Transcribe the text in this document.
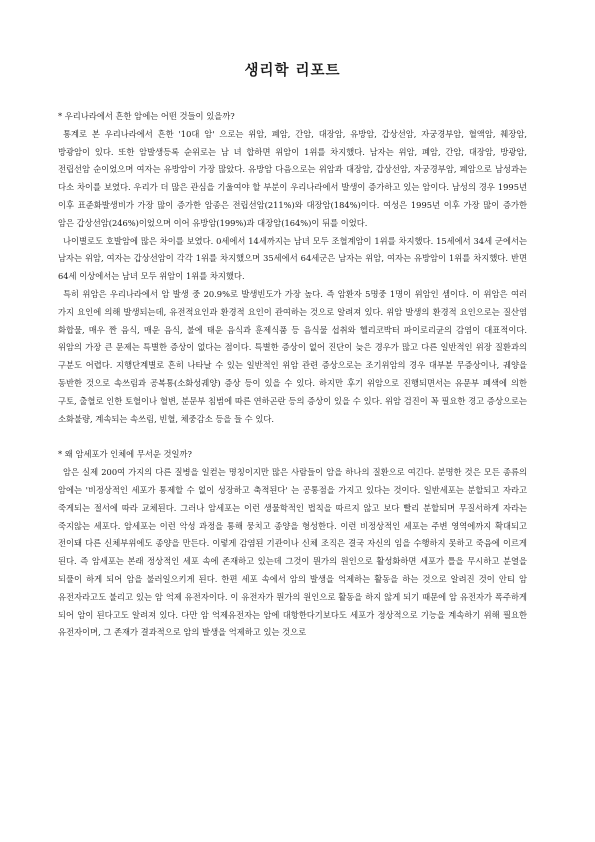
생리학 리포트

* 우리나라에서 흔한 암에는 어떤 것들이 있을까?

통계로 본 우리나라에서 흔한 '10대 암' 으로는 위암, 폐암, 간암, 대장암, 유방암, 갑상선암, 자궁경부암, 혈액암, 췌장암, 방광암이 있다. 또한 암발생등록 순위로는 남 녀 합하면 위암이 1위를 차지했다. 남자는 위암, 폐암, 간암, 대장암, 방광암, 전립선암 순이었으며 여자는 유방암이 가장 많았다. 유방암 다음으로는 위암과 대장암, 갑상선암, 자궁경부암, 폐암으로 남성과는 다소 차이를 보였다. 우리가 더 많은 관심을 기울여야 할 부분이 우리나라에서 발생이 증가하고 있는 암이다. 남성의 경우 1995년 이후 표준화발생비가 가장 많이 증가한 암종은 전립선암(211%)와 대장암(184%)이다. 여성은 1995년 이후 가장 많이 증가한 암은 갑상선암(246%)이었으며 이어 유방암(199%)과 대장암(164%)이 뒤를 이었다.

나이별로도 호발암에 많은 차이를 보였다. 0세에서 14세까지는 남녀 모두 조혈계암이 1위를 차지했다. 15세에서 34세 군에서는 남자는 위암, 여자는 갑상선암이 각각 1위를 차지했으며 35세에서 64세군은 남자는 위암, 여자는 유방암이 1위를 차지했다. 반면 64세 이상에서는 남녀 모두 위암이 1위를 차지했다.

특히 위암은 우리나라에서 암 발생 중 20.9%로 발생빈도가 가장 높다. 즉 암환자 5명중 1명이 위암인 셈이다. 이 위암은 여러 가지 요인에 의해 발생되는데, 유전적요인과 환경적 요인이 관여하는 것으로 알려져 있다. 위암 발생의 환경적 요인으로는 질산염 화합물, 매우 짠 음식, 매운 음식, 불에 태운 음식과 훈제식품 등 음식물 섭취와 헬리코박터 파이로리균의 감염이 대표적이다. 위암의 가장 큰 문제는 특별한 증상이 없다는 점이다. 특별한 증상이 없어 진단이 늦은 경우가 많고 다른 일반적인 위장 질환과의 구분도 어렵다. 지행단계별로 흔히 나타날 수 있는 일반적인 위암 관련 증상으로는 조기위암의 경우 대부분 무증상이나, 궤양을 동반한 것으로 속쓰림과 공복통(소화성궤양) 증상 등이 있을 수 있다. 하지만 후기 위암으로 진행되면서는 유문부 폐색에 의한 구토, 출혈로 인한 토혈이나 혈변, 분문부 침범에 따른 연하곤란 등의 증상이 있을 수 있다. 위암 검진이 꼭 필요한 경고 증상으로는 소화불량, 계속되는 속쓰림, 빈혈, 체중감소 등을 들 수 있다.

* 왜 암세포가 인체에 무서운 것일까?

암은 실제 200여 가지의 다른 질병을 일컫는 명칭이지만 많은 사람들이 암을 하나의 질환으로 여긴다. 분명한 것은 모든 종류의 암에는 '비정상적인 세포가 통제할 수 없이 성장하고 축적된다' 는 공통점을 가지고 있다는 것이다. 일반세포는 분할되고 자라고 죽게되는 절서에 따라 교체된다. 그러나 암세포는 이런 생물학적인 법칙을 따르지 않고 보다 빨리 분할되며 무질서하게 자라는 죽지않는 세포다. 암세포는 이런 악성 과정을 통해 뭉치고 종양을 형성한다. 이런 비정상적인 세포는 주변 영역에까지 확대되고 전이돼 다른 신체부위에도 종양을 만든다. 이렇게 감염된 기관이나 신체 조직은 결국 자신의 임을 수행하지 못하고 죽음에 이르게 된다. 즉 암세포는 본래 정상적인 세포 속에 존재하고 있는데 그것이 뭔가의 원인으로 활성화하면 세포가 틀을 무시하고 분열을 되풀이 하게 되어 암을 불러일으키게 된다. 한편 세포 속에서 암의 발생을 억제하는 활동을 하는 것으로 알려진 것이 안티 암 유전자라고도 불리고 있는 암 억제 유전자이다. 이 유전자가 뭔가의 원인으로 활동을 하지 않게 되기 때문에 암 유전자가 폭주하게 되어 암이 된다고도 알려져 있다. 다만 암 억제유전자는 암에 대항한다기보다도 세포가 정상적으로 기능을 계속하기 위해 필요한 유전자이며, 그 존재가 결과적으로 암의 발생을 억제하고 있는 것으로
